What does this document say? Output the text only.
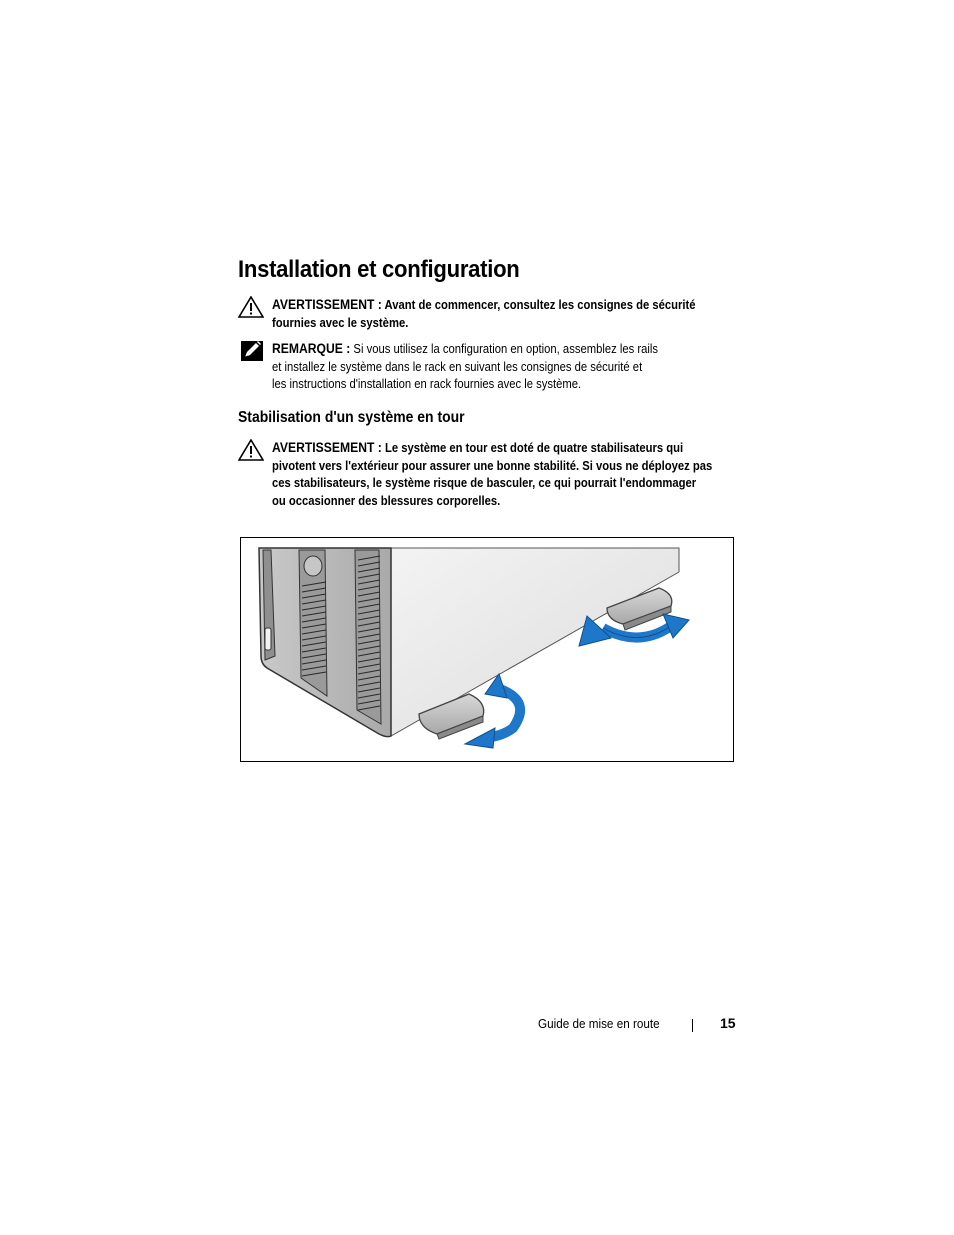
Installation et configuration
AVERTISSEMENT : Avant de commencer, consultez les consignes de sécurité
fournies avec le système.
REMARQUE : Si vous utilisez la configuration en option, assemblez les rails
et installez le système dans le rack en suivant les consignes de sécurité et
les instructions d'installation en rack fournies avec le système.
Stabilisation d'un système en tour
AVERTISSEMENT : Le système en tour est doté de quatre stabilisateurs qui
pivotent vers l'extérieur pour assurer une bonne stabilité. Si vous ne déployez pas
ces stabilisateurs, le système risque de basculer, ce qui pourrait l'endommager
ou occasionner des blessures corporelles.
Guide de mise en route	15
